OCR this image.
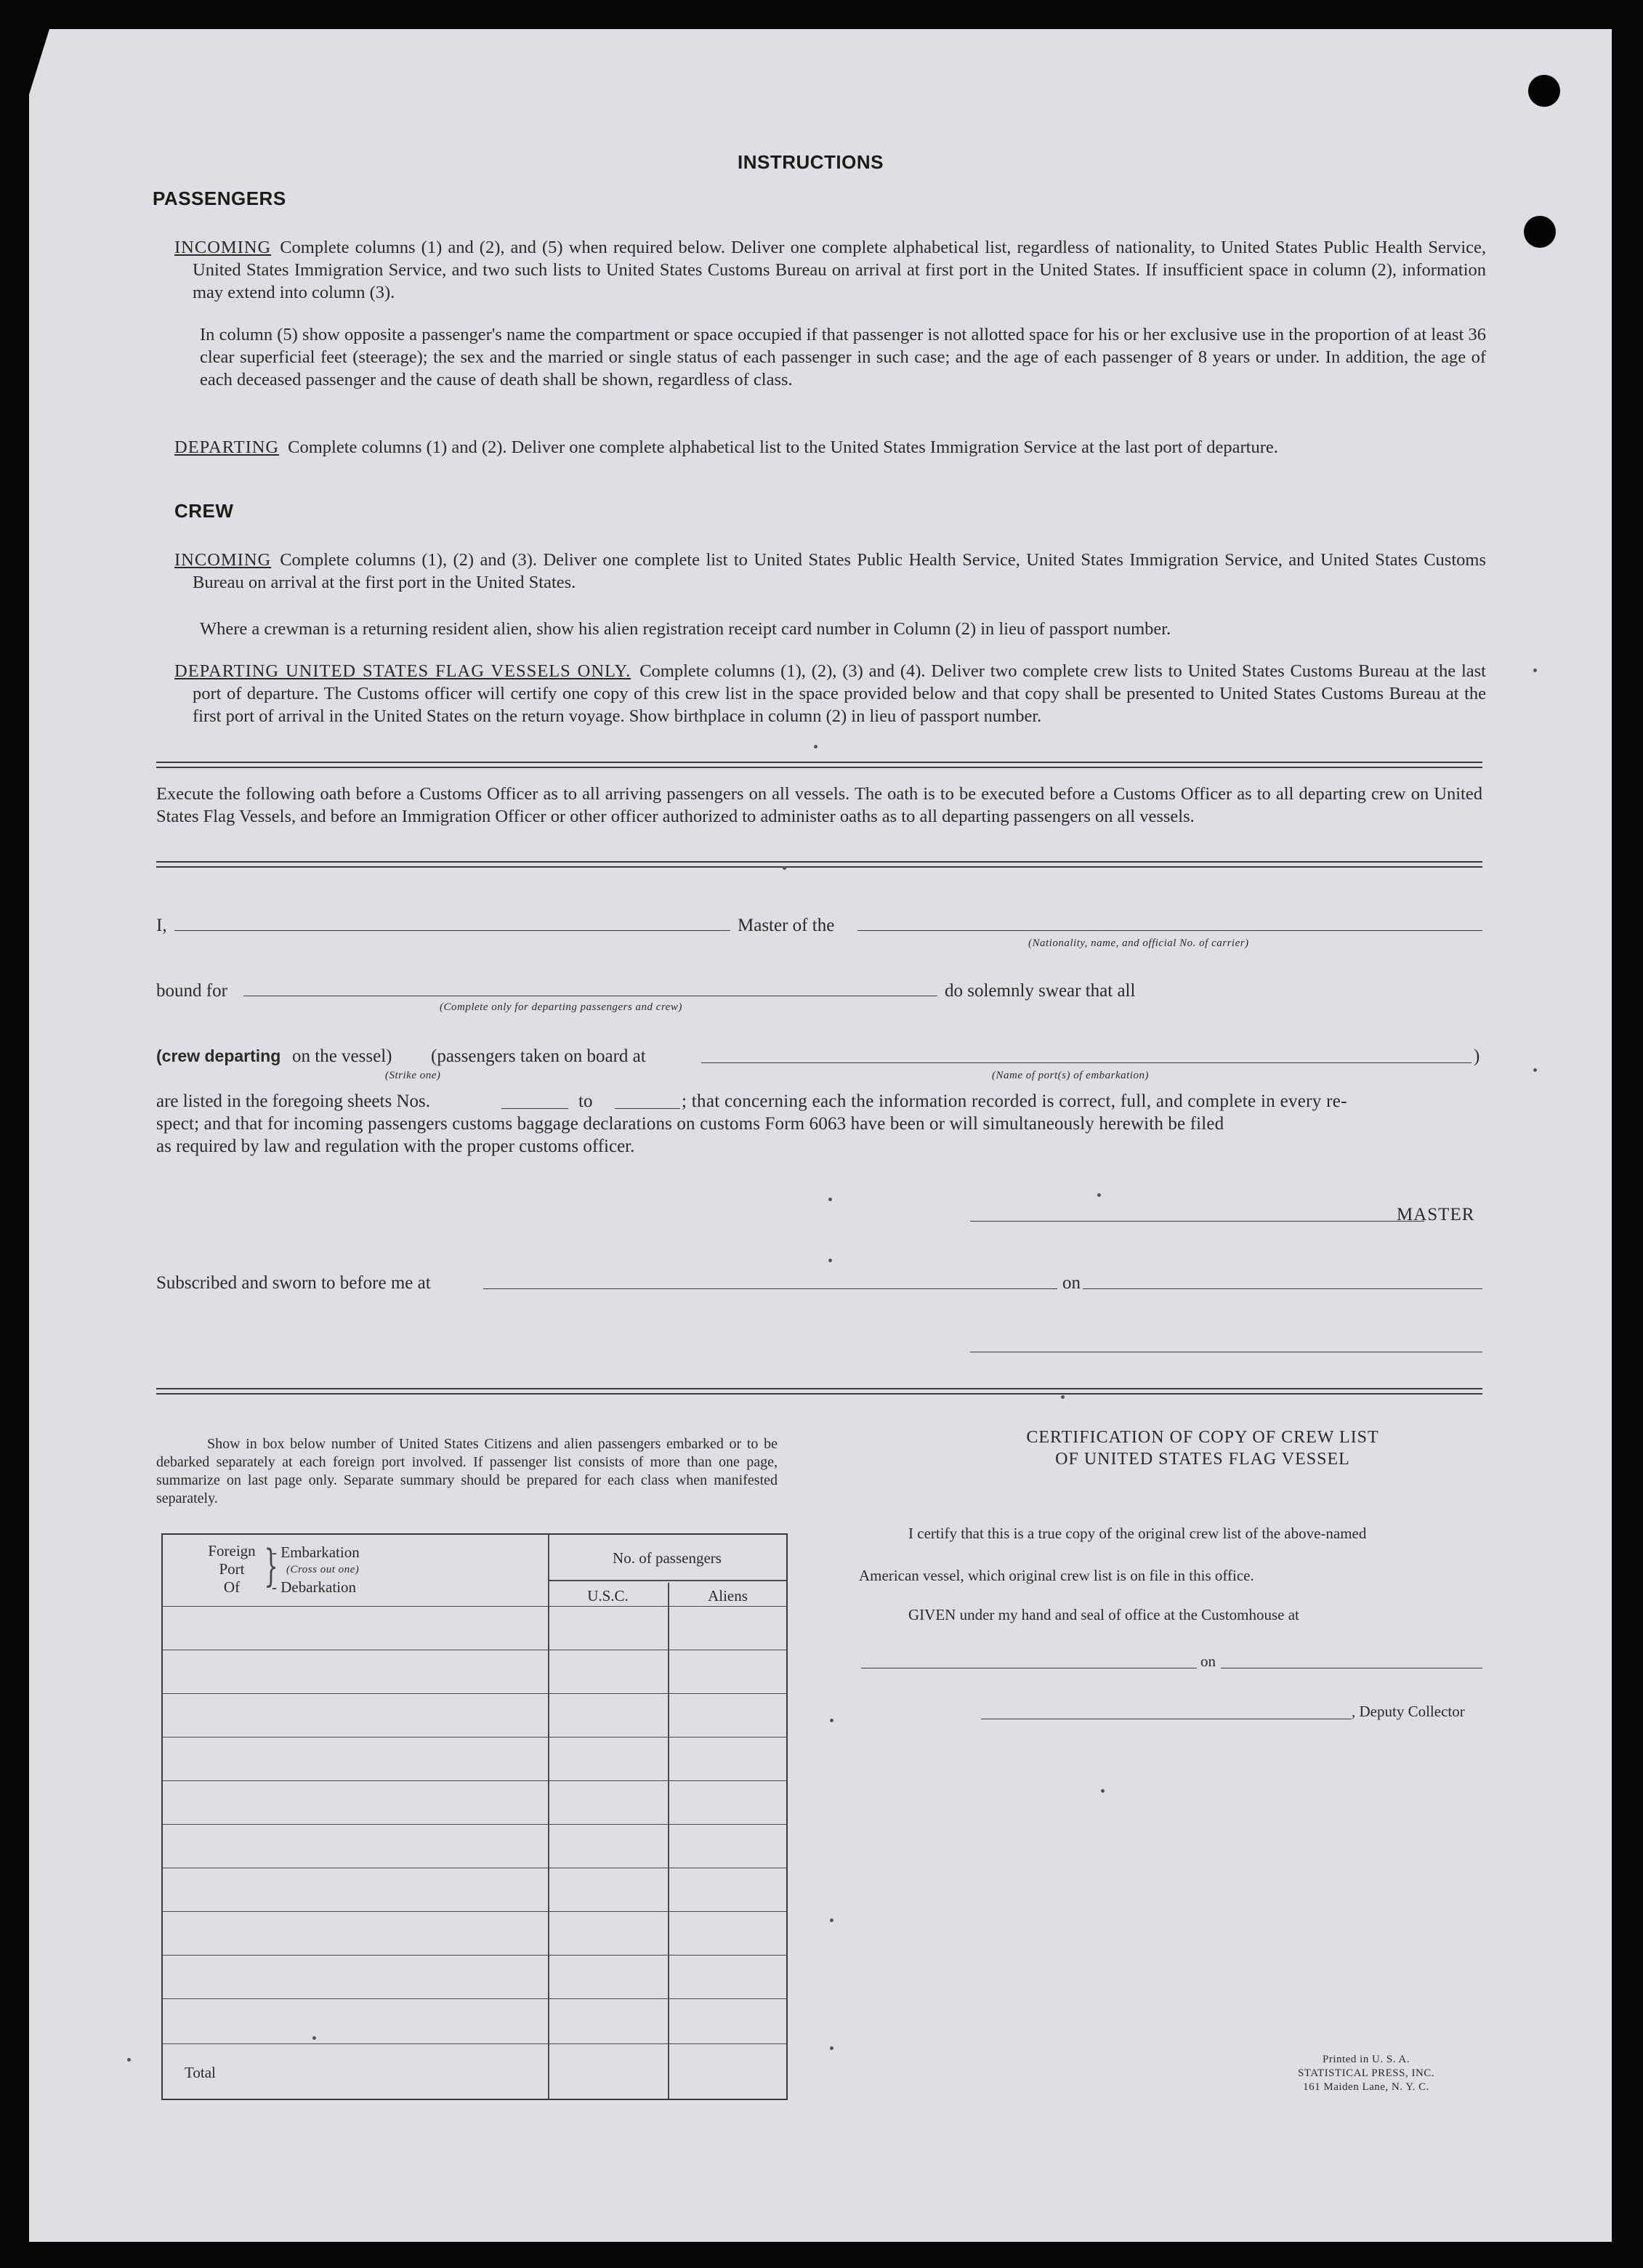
INSTRUCTIONS
PASSENGERS
INCOMING Complete columns (1) and (2), and (5) when required below. Deliver one complete alphabetical list, regardless of nationality, to United States Public Health Service, United States Immigration Service, and two such lists to United States Customs Bureau on arrival at first port in the United States. If insufficient space in column (2), information may extend into column (3).
In column (5) show opposite a passenger's name the compartment or space occupied if that passenger is not allotted space for his or her exclusive use in the proportion of at least 36 clear superficial feet (steerage); the sex and the married or single status of each passenger in such case; and the age of each passenger of 8 years or under. In addition, the age of each deceased passenger and the cause of death shall be shown, regardless of class.
DEPARTING Complete columns (1) and (2). Deliver one complete alphabetical list to the United States Immigration Service at the last port of departure.
CREW
INCOMING Complete columns (1), (2) and (3). Deliver one complete list to United States Public Health Service, United States Immigration Service, and United States Customs Bureau on arrival at the first port in the United States.
Where a crewman is a returning resident alien, show his alien registration receipt card number in Column (2) in lieu of passport number.
DEPARTING UNITED STATES FLAG VESSELS ONLY. Complete columns (1), (2), (3) and (4). Deliver two complete crew lists to United States Customs Bureau at the last port of departure. The Customs officer will certify one copy of this crew list in the space provided below and that copy shall be presented to United States Customs Bureau at the first port of arrival in the United States on the return voyage. Show birthplace in column (2) in lieu of passport number.
Execute the following oath before a Customs Officer as to all arriving passengers on all vessels. The oath is to be executed before a Customs Officer as to all departing crew on United States Flag Vessels, and before an Immigration Officer or other officer authorized to administer oaths as to all departing passengers on all vessels.
I,	Master of the
(Nationality, name, and official No. of carrier)
bound for
(Complete only for departing passengers and crew)
do solemnly swear that all
(crew departing on the vessel) (passengers taken on board at
(Strike one)
)
(Name of port(s) of embarkation)
are listed in the foregoing sheets Nos.	to	; that concerning each the information recorded is correct, full, and complete in every re-
spect; and that for incoming passengers customs baggage declarations on customs Form 6063 have been or will simultaneously herewith be filed
as required by law and regulation with the proper customs officer.
MASTER
Subscribed and sworn to before me at	on
Show in box below number of United States Citizens and alien passengers embarked or to be debarked separately at each foreign port involved. If passenger list consists of more than one page, summarize on last page only. Separate summary should be prepared for each class when manifested separately.
Foreign
Port
Of }
- Embarkation
(Cross out one)
- Debarkation
No. of passengers
U.S.C.	Aliens
Total
CERTIFICATION OF COPY OF CREW LIST
OF UNITED STATES FLAG VESSEL
I certify that this is a true copy of the original crew list of the above-named
American vessel, which original crew list is on file in this office.
GIVEN under my hand and seal of office at the Customhouse at
on
, Deputy Collector
Printed in U. S. A.
STATISTICAL PRESS, INC.
161 Maiden Lane, N. Y. C.
